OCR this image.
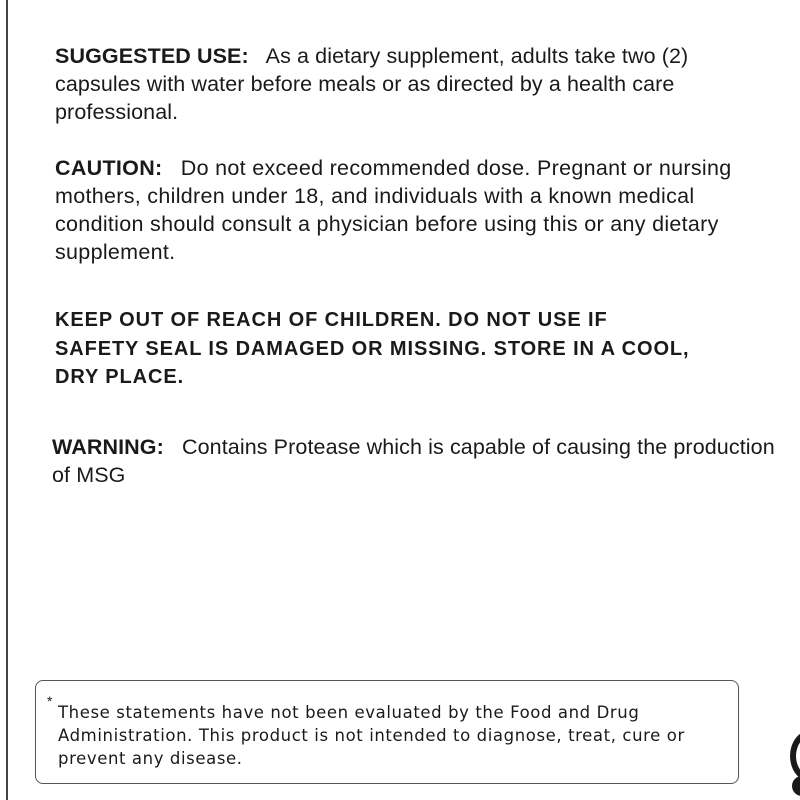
SUGGESTED USE: As a dietary supplement, adults take two (2) capsules with water before meals or as directed by a health care professional.
CAUTION: Do not exceed recommended dose. Pregnant or nursing mothers, children under 18, and individuals with a known medical condition should consult a physician before using this or any dietary supplement.
KEEP OUT OF REACH OF CHILDREN. DO NOT USE IF SAFETY SEAL IS DAMAGED OR MISSING. STORE IN A COOL, DRY PLACE.
WARNING: Contains Protease which is capable of causing the production of MSG
*
These statements have not been evaluated by the Food and Drug Administration. This product is not intended to diagnose, treat, cure or prevent any disease.
